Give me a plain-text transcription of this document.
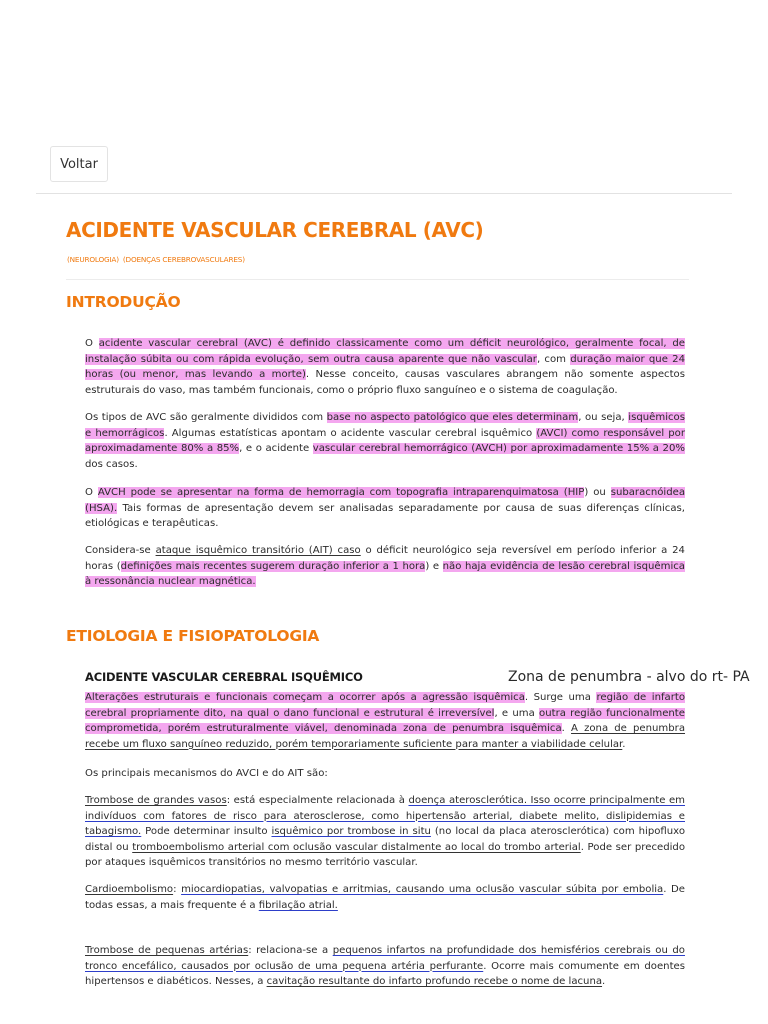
Voltar
ACIDENTE VASCULAR CEREBRAL (AVC)
(NEUROLOGIA) (DOENÇAS CEREBROVASCULARES)
INTRODUÇÃO

O acidente vascular cerebral (AVC) é definido classicamente como um déficit neurológico, geralmente focal, de instalação súbita ou com rápida evolução, sem outra causa aparente que não vascular, com duração maior que 24 horas (ou menor, mas levando a morte). Nesse conceito, causas vasculares abrangem não somente aspectos estruturais do vaso, mas também funcionais, como o próprio fluxo sanguíneo e o sistema de coagulação.

Os tipos de AVC são geralmente divididos com base no aspecto patológico que eles determinam, ou seja, isquêmicos e hemorrágicos. Algumas estatísticas apontam o acidente vascular cerebral isquêmico (AVCI) como responsável por aproximadamente 80% a 85%, e o acidente vascular cerebral hemorrágico (AVCH) por aproximadamente 15% a 20% dos casos.

O AVCH pode se apresentar na forma de hemorragia com topografia intraparenquimatosa (HIP) ou subaracnóidea (HSA). Tais formas de apresentação devem ser analisadas separadamente por causa de suas diferenças clínicas, etiológicas e terapêuticas.

Considera-se ataque isquêmico transitório (AIT) caso o déficit neurológico seja reversível em período inferior a 24 horas (definições mais recentes sugerem duração inferior a 1 hora) e não haja evidência de lesão cerebral isquêmica à ressonância nuclear magnética.

ETIOLOGIA E FISIOPATOLOGIA
ACIDENTE VASCULAR CEREBRAL ISQUÊMICO	Zona de penumbra - alvo do rt- PA

Alterações estruturais e funcionais começam a ocorrer após a agressão isquêmica. Surge uma região de infarto cerebral propriamente dito, na qual o dano funcional e estrutural é irreversível, e uma outra região funcionalmente comprometida, porém estruturalmente viável, denominada zona de penumbra isquêmica. A zona de penumbra recebe um fluxo sanguíneo reduzido, porém temporariamente suficiente para manter a viabilidade celular.

Os principais mecanismos do AVCI e do AIT são:

Trombose de grandes vasos: está especialmente relacionada à doença aterosclerótica. Isso ocorre principalmente em indivíduos com fatores de risco para aterosclerose, como hipertensão arterial, diabete melito, dislipidemias e tabagismo. Pode determinar insulto isquêmico por trombose in situ (no local da placa aterosclerótica) com hipofluxo distal ou tromboembolismo arterial com oclusão vascular distalmente ao local do trombo arterial. Pode ser precedido por ataques isquêmicos transitórios no mesmo território vascular.

Cardioembolismo: miocardiopatias, valvopatias e arritmias, causando uma oclusão vascular súbita por embolia. De todas essas, a mais frequente é a fibrilação atrial.

Trombose de pequenas artérias: relaciona-se a pequenos infartos na profundidade dos hemisférios cerebrais ou do tronco encefálico, causados por oclusão de uma pequena artéria perfurante. Ocorre mais comumente em doentes hipertensos e diabéticos. Nesses, a cavitação resultante do infarto profundo recebe o nome de lacuna.
